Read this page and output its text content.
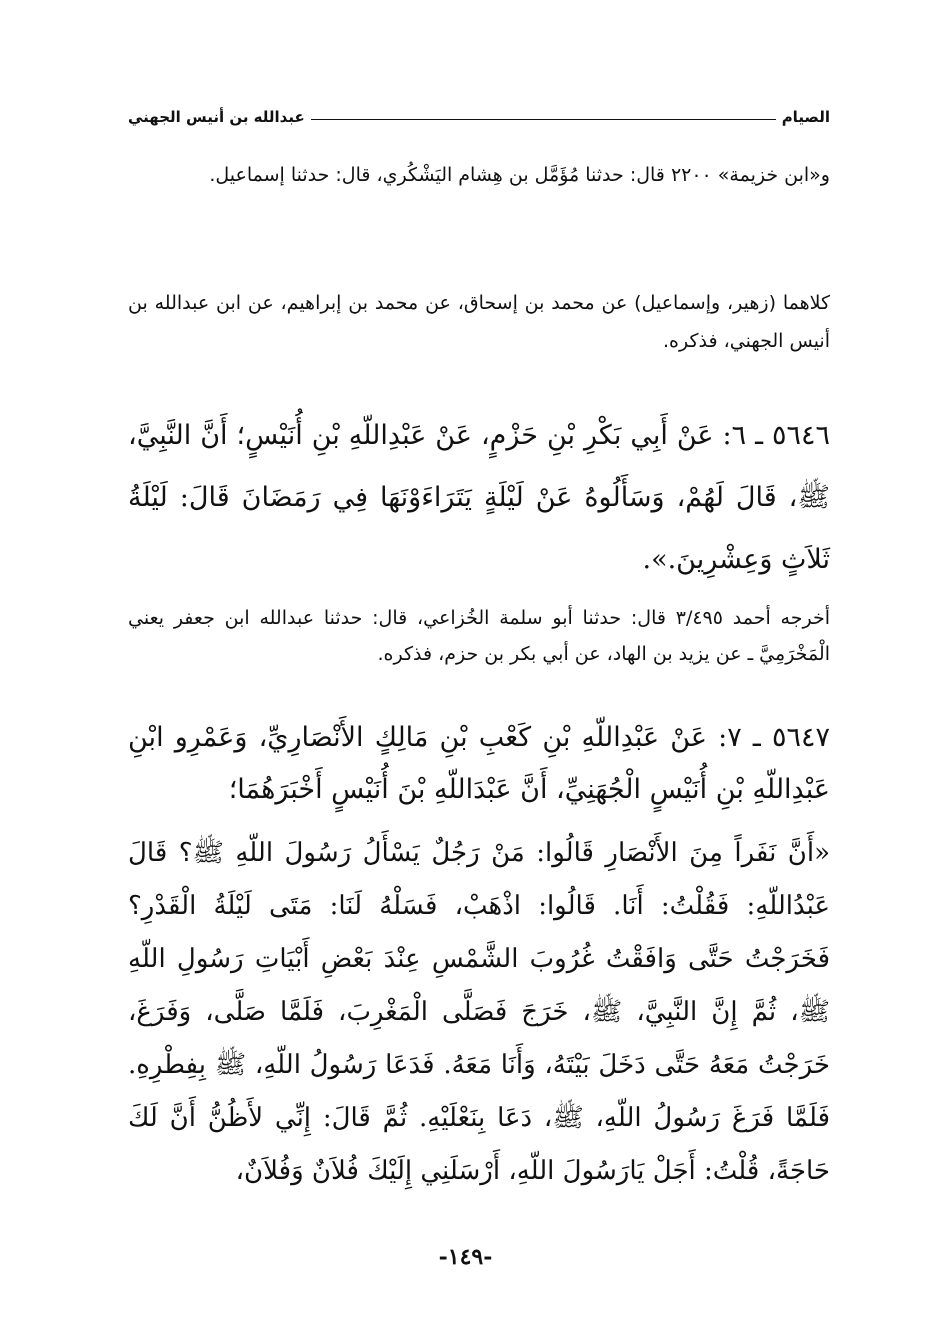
الصيام
عبدالله بن أنيس الجهني
و«ابن خزيمة» ٢٢٠٠ قال: حدثنا مُؤَمَّل بن هِشام اليَشْكُري، قال: حدثنا إسماعيل.
كلاهما (زهير، وإسماعيل) عن محمد بن إسحاق، عن محمد بن إبراهيم، عن ابن عبدالله بن أنيس الجهني، فذكره.
٥٦٤٦ ـ ٦: عَنْ أَبِي بَكْرِ بْنِ حَزْمٍ، عَنْ عَبْدِاللّهِ بْنِ أُنَيْسٍ؛ أَنَّ النَّبِيَّ، ﷺ، قَالَ لَهُمْ، وَسَأَلُوهُ عَنْ لَيْلَةٍ يَتَرَاءَوْنَهَا فِي رَمَضَانَ قَالَ: لَيْلَةُ ثَلاَثٍ وَعِشْرِينَ.».
أخرجه أحمد ٣/٤٩٥ قال: حدثنا أبو سلمة الخُزاعي، قال: حدثنا عبدالله ابن جعفر يعني الْمَخْرَمِيَّ ـ عن يزيد بن الهاد، عن أبي بكر بن حزم، فذكره.
٥٦٤٧ ـ ٧: عَنْ عَبْدِاللّهِ بْنِ كَعْبِ بْنِ مَالِكٍ الأَنْصَارِيِّ، وَعَمْرِو ابْنِ عَبْدِاللّهِ بْنِ أُنَيْسٍ الْجُهَنِيِّ، أَنَّ عَبْدَاللّهِ بْنَ أُنَيْسٍ أَخْبَرَهُمَا؛
«أَنَّ نَفَراً مِنَ الأَنْصَارِ قَالُوا: مَنْ رَجُلٌ يَسْأَلُ رَسُولَ اللّهِ ﷺ؟ قَالَ عَبْدُاللّهِ: فَقُلْتُ: أَنَا. قَالُوا: اذْهَبْ، فَسَلْهُ لَنَا: مَتَى لَيْلَةُ الْقَدْرِ؟ فَخَرَجْتُ حَتَّى وَافَقْتُ غُرُوبَ الشَّمْسِ عِنْدَ بَعْضِ أَبْيَاتِ رَسُولِ اللّهِ ﷺ، ثُمَّ إِنَّ النَّبِيَّ، ﷺ، خَرَجَ فَصَلَّى الْمَغْرِبَ، فَلَمَّا صَلَّى، وَفَرَغَ، خَرَجْتُ مَعَهُ حَتَّى دَخَلَ بَيْتَهُ، وَأَنَا مَعَهُ. فَدَعَا رَسُولُ اللّهِ، ﷺ بِفِطْرِهِ. فَلَمَّا فَرَغَ رَسُولُ اللّهِ، ﷺ، دَعَا بِنَعْلَيْهِ. ثُمَّ قَالَ: إِنِّي لأَظُنُّ أَنَّ لَكَ حَاجَةً، قُلْتُ: أَجَلْ يَارَسُولَ اللّهِ، أَرْسَلَنِي إِلَيْكَ فُلاَنٌ وَفُلاَنٌ،
-١٤٩-
